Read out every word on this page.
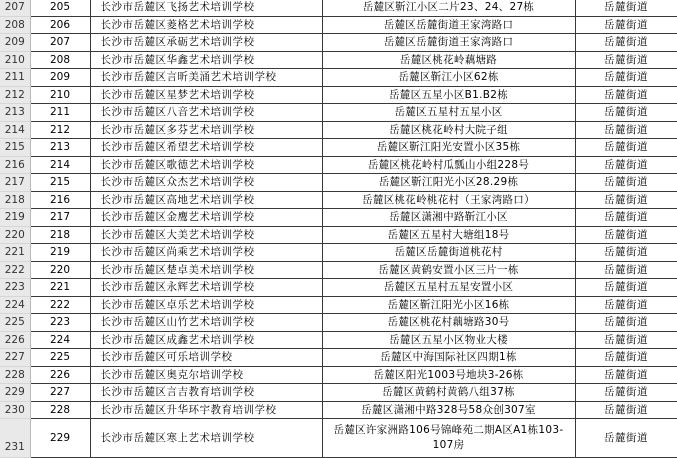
207	205	长沙市岳麓区飞扬艺术培训学校	岳麓区靳江小区二片23、24、27栋	岳麓街道
208	206	长沙市岳麓区菱格艺术培训学校	岳麓区岳麓街道王家湾路口	岳麓街道
209	207	长沙市岳麓区承砺艺术培训学校	岳麓区岳麓街道王家湾路口	岳麓街道
210	208	长沙市岳麓区华鑫艺术培训学校	岳麓区桃花岭藕塘路	岳麓街道
211	209	长沙市岳麓区言昕美涌艺术培训学校	岳麓区靳江小区62栋	岳麓街道
212	210	长沙市岳麓区星梦艺术培训学校	岳麓区五星小区B1.B2栋	岳麓街道
213	211	长沙市岳麓区八音艺术培训学校	岳麓区五星村五星小区	岳麓街道
214	212	长沙市岳麓区多芬艺术培训学校	岳麓区桃花岭村大院子组	岳麓街道
215	213	长沙市岳麓区希望艺术培训学校	岳麓区靳江阳光安置小区35栋	岳麓街道
216	214	长沙市岳麓区歌德艺术培训学校	岳麓区桃花岭村瓜瓢山小组228号	岳麓街道
217	215	长沙市岳麓区众杰艺术培训学校	岳麓区靳江阳光小区28.29栋	岳麓街道
218	216	长沙市岳麓区高地艺术培训学校	岳麓区桃花岭桃花村（王家湾路口）	岳麓街道
219	217	长沙市岳麓区金鹰艺术培训学校	岳麓区潇湘中路靳江小区	岳麓街道
220	218	长沙市岳麓区大美艺术培训学校	岳麓区五星村大塘组18号	岳麓街道
221	219	长沙市岳麓区尚乘艺术培训学校	岳麓区岳麓街道桃花村	岳麓街道
222	220	长沙市岳麓区楚卓美术培训学校	岳麓区黄鹤安置小区三片一栋	岳麓街道
223	221	长沙市岳麓区永辉艺术培训学校	岳麓区五星村五星安置小区	岳麓街道
224	222	长沙市岳麓区卓乐艺术培训学校	岳麓区靳江阳光小区16栋	岳麓街道
225	223	长沙市岳麓区山竹艺术培训学校	岳麓区桃花村藕塘路30号	岳麓街道
226	224	长沙市岳麓区成鑫艺术培训学校	岳麓区五星小区物业大楼	岳麓街道
227	225	长沙市岳麓区可乐培训学校	岳麓区中海国际社区四期1栋	岳麓街道
228	226	长沙市岳麓区奥克尔培训学校	岳麓区阳光1003号地块3-26栋	岳麓街道
229	227	长沙市岳麓区言吉教育培训学校	岳麓区黄鹤村黄鹤八组37栋	岳麓街道
230	228	长沙市岳麓区升华环宇教育培训学校	岳麓区潇湘中路328号58众创307室	岳麓街道
231	229	长沙市岳麓区寒上艺术培训学校	岳麓区许家洲路106号锦峰苑二期A区A1栋103-107房	岳麓街道
